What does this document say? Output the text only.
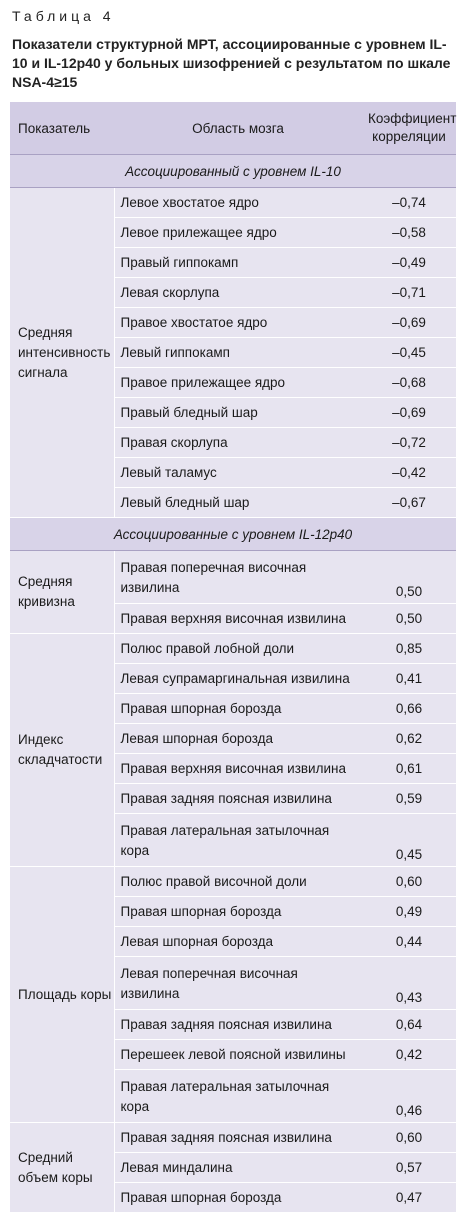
Таблица 4
Показатели структурной МРТ, ассоциированные с уровнем IL-10 и IL-12p40 у больных шизофренией с результатом по шкале NSA-4≥15
Показатель	Область мозга	Коэффициент корреляции
Ассоциированный с уровнем IL-10		
Средняя интенсивность сигнала	Левое хвостатое ядро	–0,74
	Левое прилежащее ядро	–0,58
	Правый гиппокамп	–0,49
	Левая скорлупа	–0,71
	Правое хвостатое ядро	–0,69
	Левый гиппокамп	–0,45
	Правое прилежащее ядро	–0,68
	Правый бледный шар	–0,69
	Правая скорлупа	–0,72
	Левый таламус	–0,42
	Левый бледный шар	–0,67
Ассоциированные с уровнем IL-12p40		
Средняя кривизна	Правая поперечная височная извилина	0,50
	Правая верхняя височная извилина	0,50
Индекс складчатости	Полюс правой лобной доли	0,85
	Левая супрамаргинальная извилина	0,41
	Правая шпорная борозда	0,66
	Левая шпорная борозда	0,62
	Правая верхняя височная извилина	0,61
	Правая задняя поясная извилина	0,59
	Правая латеральная затылочная кора	0,45
Площадь коры	Полюс правой височной доли	0,60
	Правая шпорная борозда	0,49
	Левая шпорная борозда	0,44
	Левая поперечная височная извилина	0,43
	Правая задняя поясная извилина	0,64
	Перешеек левой поясной извилины	0,42
	Правая латеральная затылочная кора	0,46
Средний объем коры	Правая задняя поясная извилина	0,60
	Левая миндалина	0,57
	Правая шпорная борозда	0,47
